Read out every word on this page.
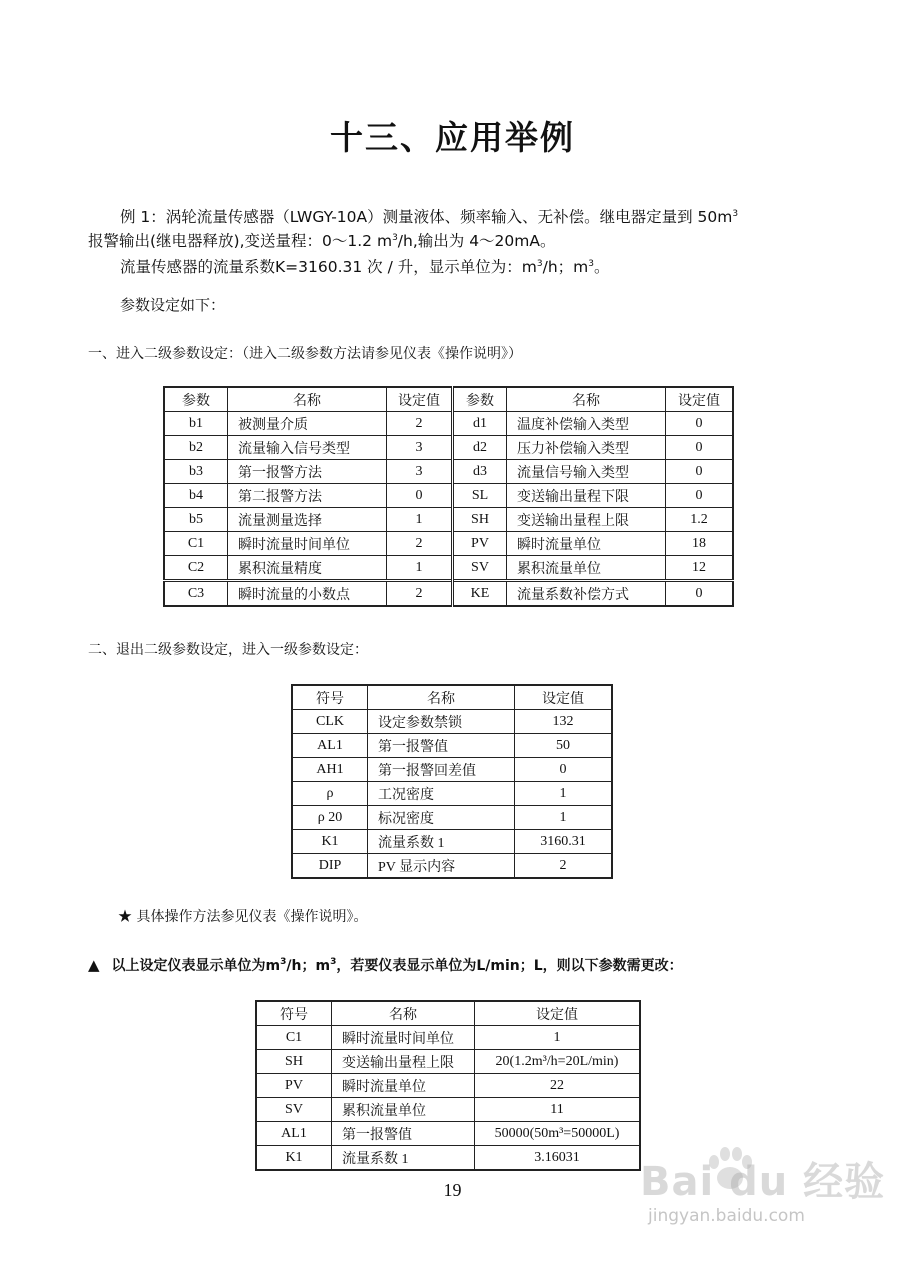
十三、应用举例
例 1：涡轮流量传感器（LWGY-10A）测量液体、频率输入、无补偿。继电器定量到 $50m^3$
报警输出(继电器释放),变送量程：0～1.2 $m^3/h$,输出为 4～20mA。
流量传感器的流量系数K=3160.31 次 / 升，显示单位为：$m^3/h$；$m^3$。
参数设定如下：
一、进入二级参数设定：（进入二级参数方法请参见仪表《操作说明》）
参数	名称	设定值	参数	名称	设定值
b1	被测量介质	2	d1	温度补偿输入类型	0
b2	流量输入信号类型	3	d2	压力补偿输入类型	0
b3	第一报警方法	3	d3	流量信号输入类型	0
b4	第二报警方法	0	SL	变送输出量程下限	0
b5	流量测量选择	1	SH	变送输出量程上限	1.2
C1	瞬时流量时间单位	2	PV	瞬时流量单位	18
C2	累积流量精度	1	SV	累积流量单位	12
C3	瞬时流量的小数点	2	KE	流量系数补偿方式	0
二、退出二级参数设定，进入一级参数设定：
符号	名称	设定值
CLK	设定参数禁锁	132
AL1	第一报警值	50
AH1	第一报警回差值	0
ρ	工况密度	1
ρ 20	标况密度	1
K1	流量系数 1	3160.31
DIP	PV 显示内容	2
★ 具体操作方法参见仪表《操作说明》。
▲ 以上设定仪表显示单位为$m^3/h$；$m^3$，若要仪表显示单位为L/min；L，则以下参数需更改：
符号	名称	设定值
C1	瞬时流量时间单位	1
SH	变送输出量程上限	20(1.2m³/h=20L/min)
PV	瞬时流量单位	22
SV	累积流量单位	11
AL1	第一报警值	50000(50m³=50000L)
K1	流量系数 1	3.16031
19	Bai du 经验
jingyan.baidu.com
